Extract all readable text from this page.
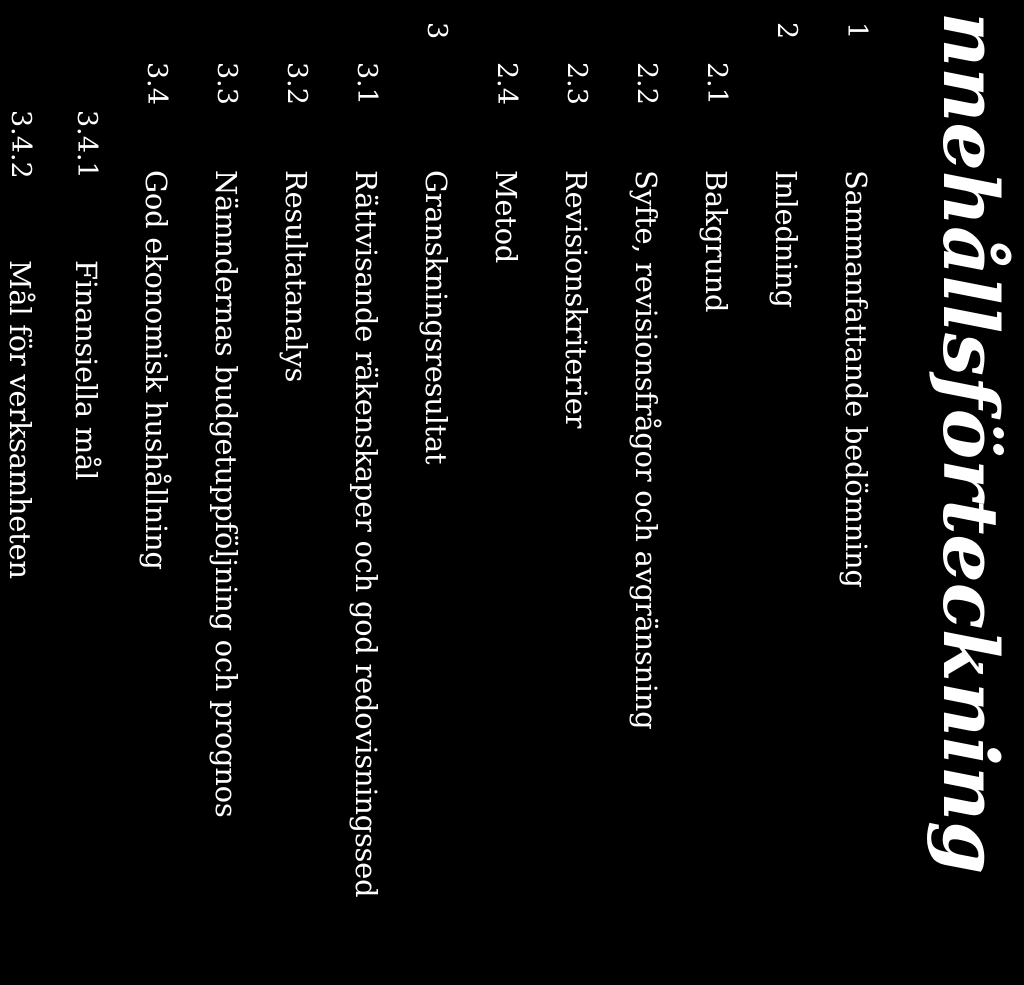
nnehållsförteckning
1
Sammanfattande bedömning
2
Inledning
2.1
Bakgrund
2.2
Syfte, revisionsfrågor och avgränsning
2.3
Revisionskriterier
2.4
Metod
3
Granskningsresultat
3.1
Rättvisande räkenskaper och god redovisningssed
3.2
Resultatanalys
3.3
Nämndernas budgetuppföljning och prognos
3.4
God ekonomisk hushållning
3.4.1
Finansiella mål
3.4.2
Mål för verksamheten
